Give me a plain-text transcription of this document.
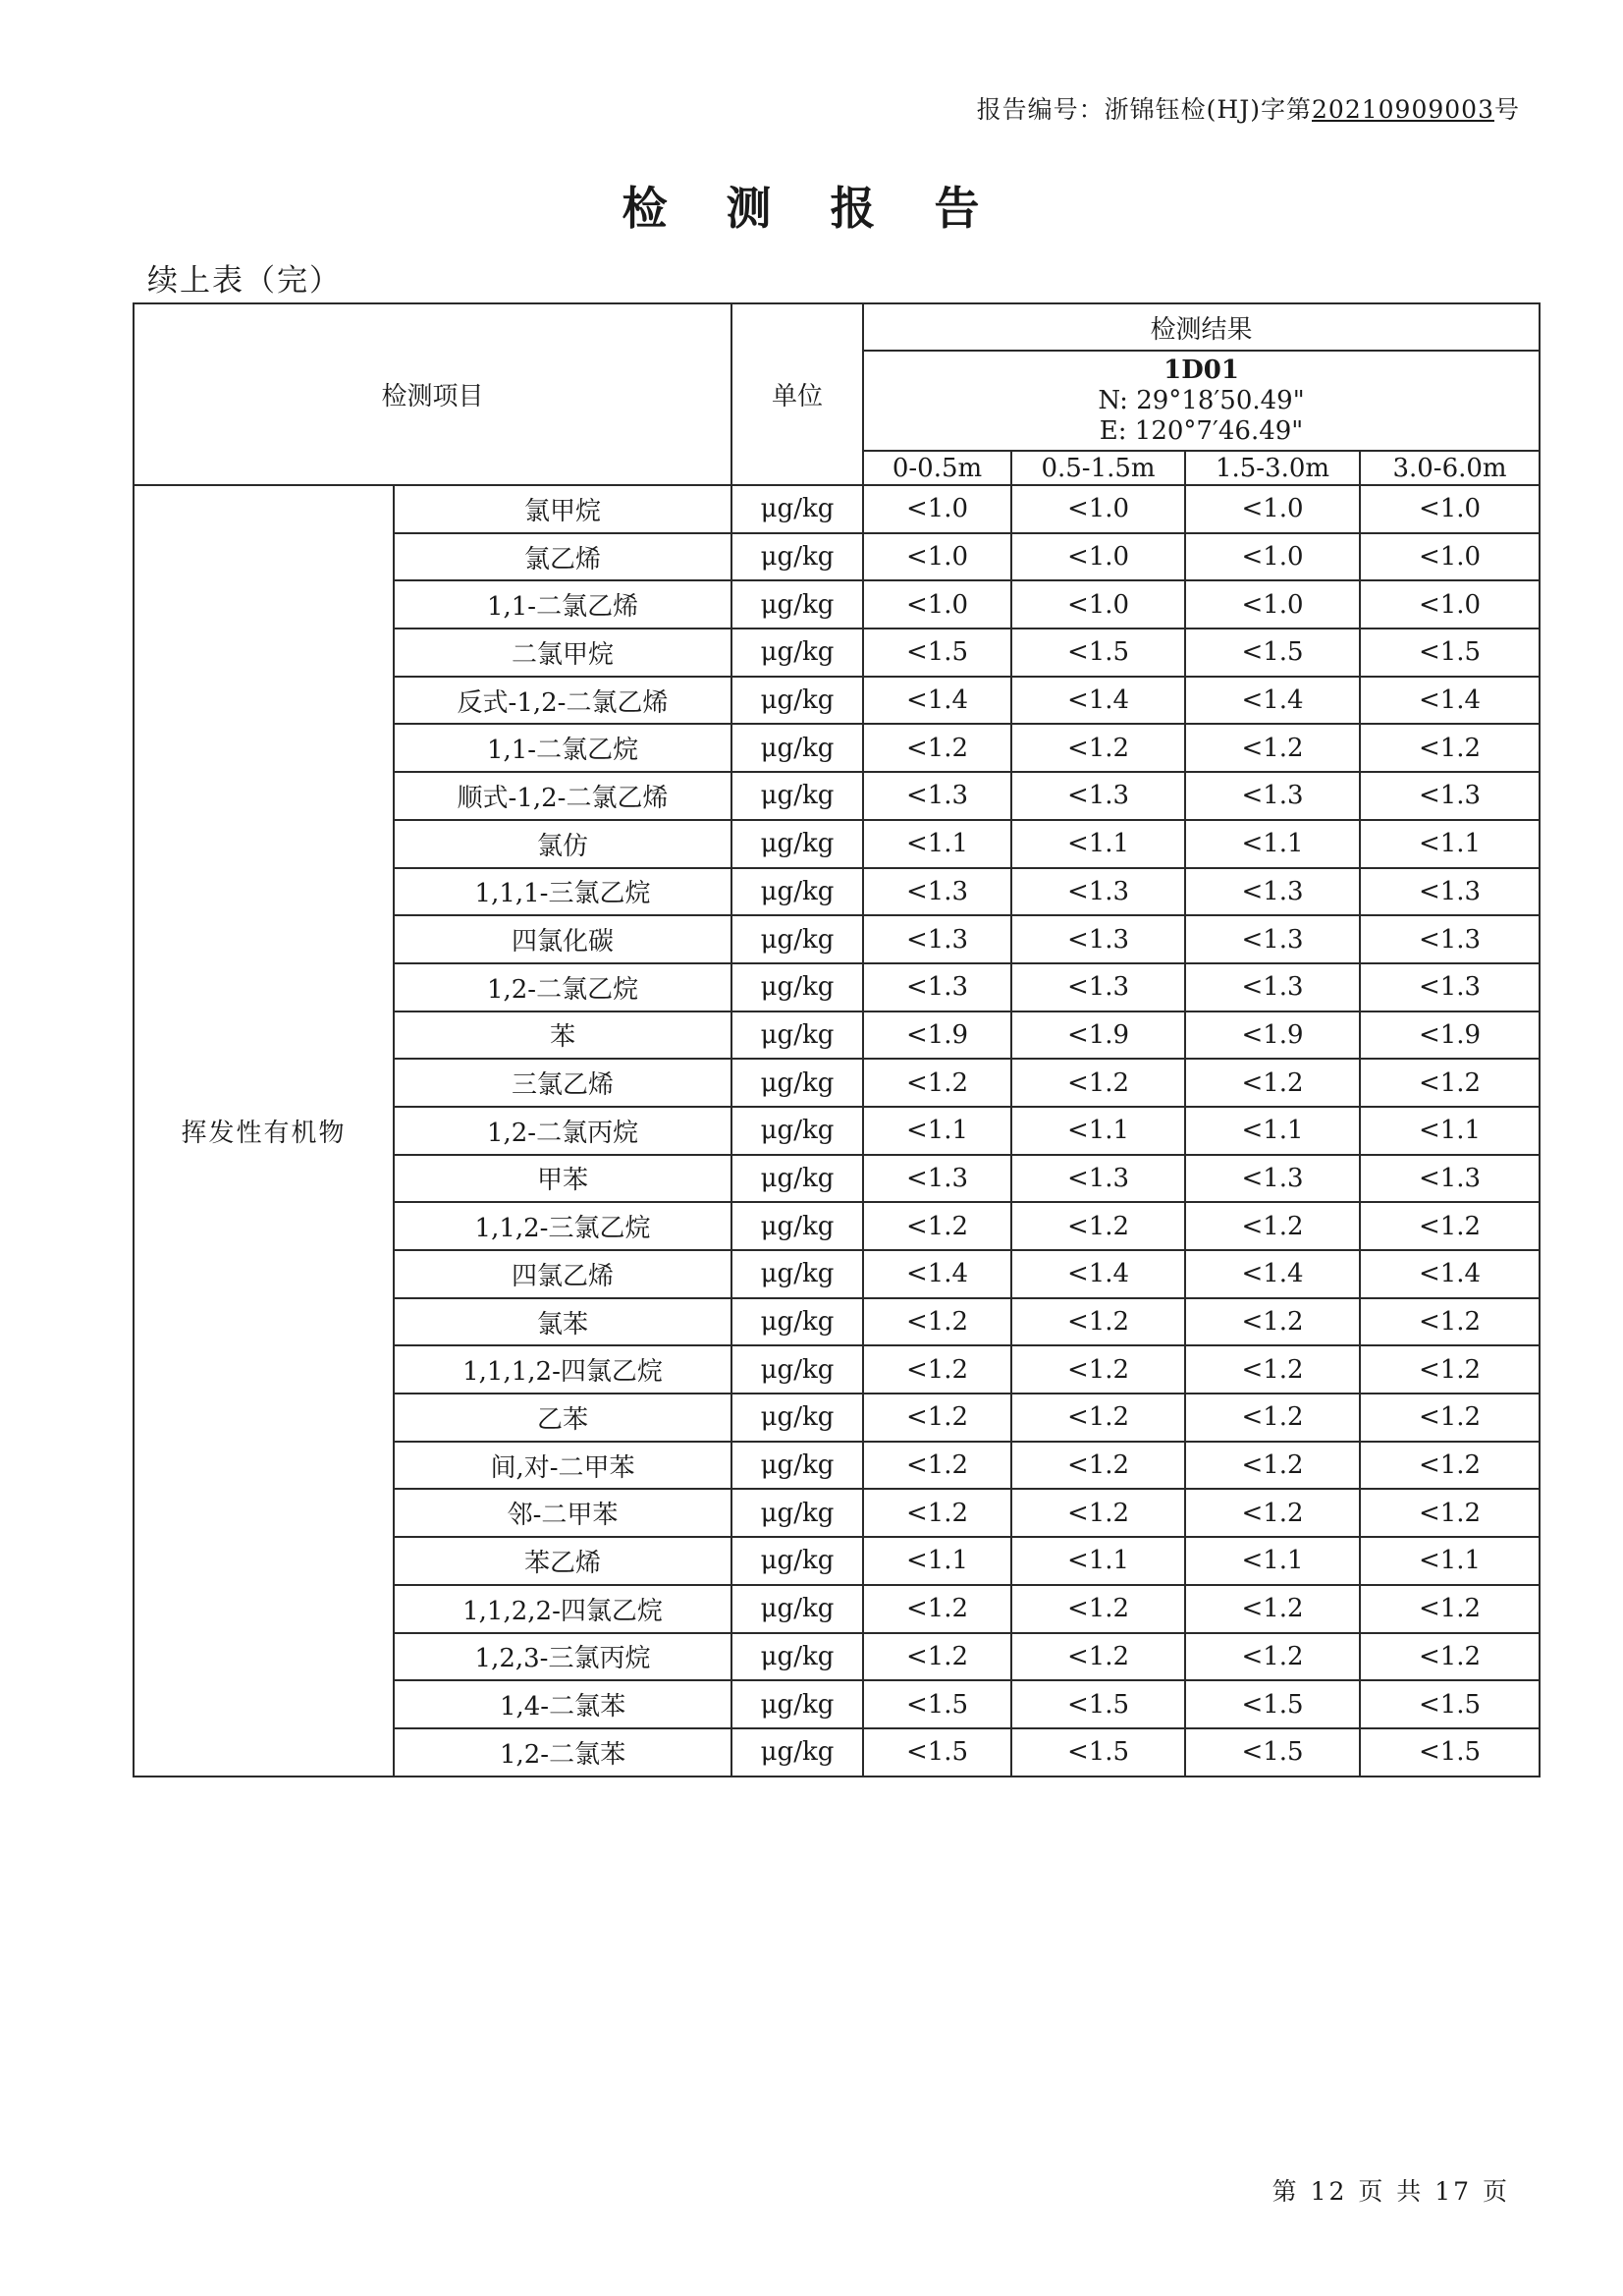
报告编号：浙锦钰检(HJ)字第20210909003号
检 测 报 告
续上表（完）
检测项目		单位	检测结果			

			1D01
N: 29°18′50.49"
E: 120°7′46.49"			

			0-0.5m	0.5-1.5m	1.5-3.0m	3.0-6.0m
挥发性有机物	氯甲烷	μg/kg	<1.0	<1.0	<1.0	<1.0
	氯乙烯	μg/kg	<1.0	<1.0	<1.0	<1.0
	1,1-二氯乙烯	μg/kg	<1.0	<1.0	<1.0	<1.0
	二氯甲烷	μg/kg	<1.5	<1.5	<1.5	<1.5
	反式-1,2-二氯乙烯	μg/kg	<1.4	<1.4	<1.4	<1.4
	1,1-二氯乙烷	μg/kg	<1.2	<1.2	<1.2	<1.2
	顺式-1,2-二氯乙烯	μg/kg	<1.3	<1.3	<1.3	<1.3
	氯仿	μg/kg	<1.1	<1.1	<1.1	<1.1
	1,1,1-三氯乙烷	μg/kg	<1.3	<1.3	<1.3	<1.3
	四氯化碳	μg/kg	<1.3	<1.3	<1.3	<1.3
	1,2-二氯乙烷	μg/kg	<1.3	<1.3	<1.3	<1.3
	苯	μg/kg	<1.9	<1.9	<1.9	<1.9
	三氯乙烯	μg/kg	<1.2	<1.2	<1.2	<1.2
	1,2-二氯丙烷	μg/kg	<1.1	<1.1	<1.1	<1.1
	甲苯	μg/kg	<1.3	<1.3	<1.3	<1.3
	1,1,2-三氯乙烷	μg/kg	<1.2	<1.2	<1.2	<1.2
	四氯乙烯	μg/kg	<1.4	<1.4	<1.4	<1.4
	氯苯	μg/kg	<1.2	<1.2	<1.2	<1.2
	1,1,1,2-四氯乙烷	μg/kg	<1.2	<1.2	<1.2	<1.2
	乙苯	μg/kg	<1.2	<1.2	<1.2	<1.2
	间,对-二甲苯	μg/kg	<1.2	<1.2	<1.2	<1.2
	邻-二甲苯	μg/kg	<1.2	<1.2	<1.2	<1.2
	苯乙烯	μg/kg	<1.1	<1.1	<1.1	<1.1
	1,1,2,2-四氯乙烷	μg/kg	<1.2	<1.2	<1.2	<1.2
	1,2,3-三氯丙烷	μg/kg	<1.2	<1.2	<1.2	<1.2
	1,4-二氯苯	μg/kg	<1.5	<1.5	<1.5	<1.5
	1,2-二氯苯	μg/kg	<1.5	<1.5	<1.5	<1.5
第 12 页 共 17 页
